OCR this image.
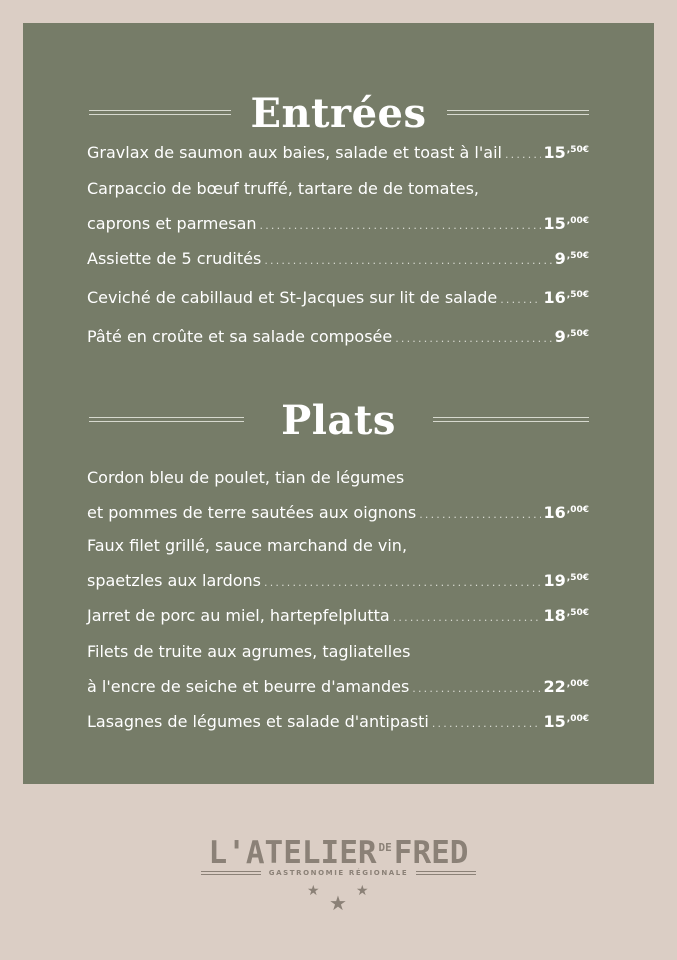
Entrées
Gravlax de saumon aux baies, salade et toast à l'ail .....	$15^{,50€}$
Carpaccio de bœuf truffé, tartare de de tomates,
caprons et parmesan .....	$15^{,00€}$
Assiette de 5 crudités .....	$9^{,50€}$
Ceviché de cabillaud et St-Jacques sur lit de salade .....	$16^{,50€}$
Pâté en croûte et sa salade composée .....	$9^{,50€}$
Plats
Cordon bleu de poulet, tian de légumes
et pommes de terre sautées aux oignons .....	$16^{,00€}$
Faux filet grillé, sauce marchand de vin,
spaetzles aux lardons .....	$19^{,50€}$
Jarret de porc au miel, hartepfelplutta .....	$18^{,50€}$
Filets de truite aux agrumes, tagliatelles
à l'encre de seiche et beurre d'amandes .....	$22^{,00€}$
Lasagnes de légumes et salade d'antipasti .....	$15^{,00€}$
L'ATELIER $^{DE}$FRED
GASTRONOMIE RÉGIONALE
★ ★ ★
